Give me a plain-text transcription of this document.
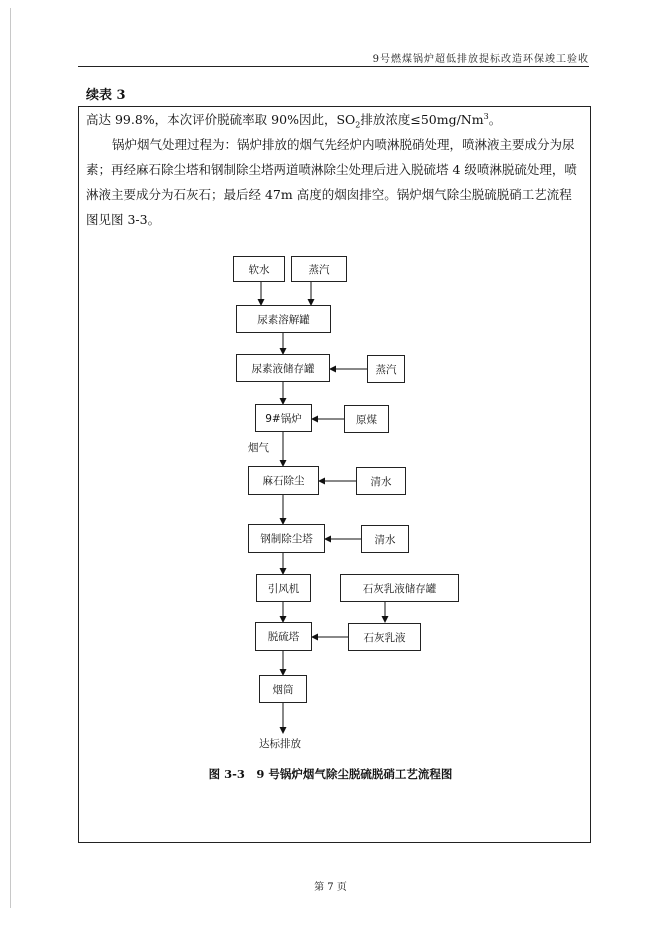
9号燃煤锅炉超低排放提标改造环保竣工验收
续表 3

高达 99.8%，本次评价脱硫率取 90%因此，$SO_2$排放浓度$\le 50mg/Nm^3$。

锅炉烟气处理过程为：锅炉排放的烟气先经炉内喷淋脱硝处理，喷淋液主要成分为尿素；再经麻石除尘塔和钢制除尘塔两道喷淋除尘处理后进入脱硫塔 4 级喷淋脱硫处理，喷淋液主要成分为石灰石；最后经 47m 高度的烟囱排空。锅炉烟气除尘脱硫脱硝工艺流程图见图 3-3。

软水	蒸汽
尿素溶解罐
尿素液储存罐	蒸汽
9#锅炉	原煤
烟气
麻石除尘	清水
钢制除尘塔	清水
引风机	石灰乳液储存罐
脱硫塔	石灰乳液
烟筒
达标排放
图 3-3　9 号锅炉烟气除尘脱硫脱硝工艺流程图
第 7 页
